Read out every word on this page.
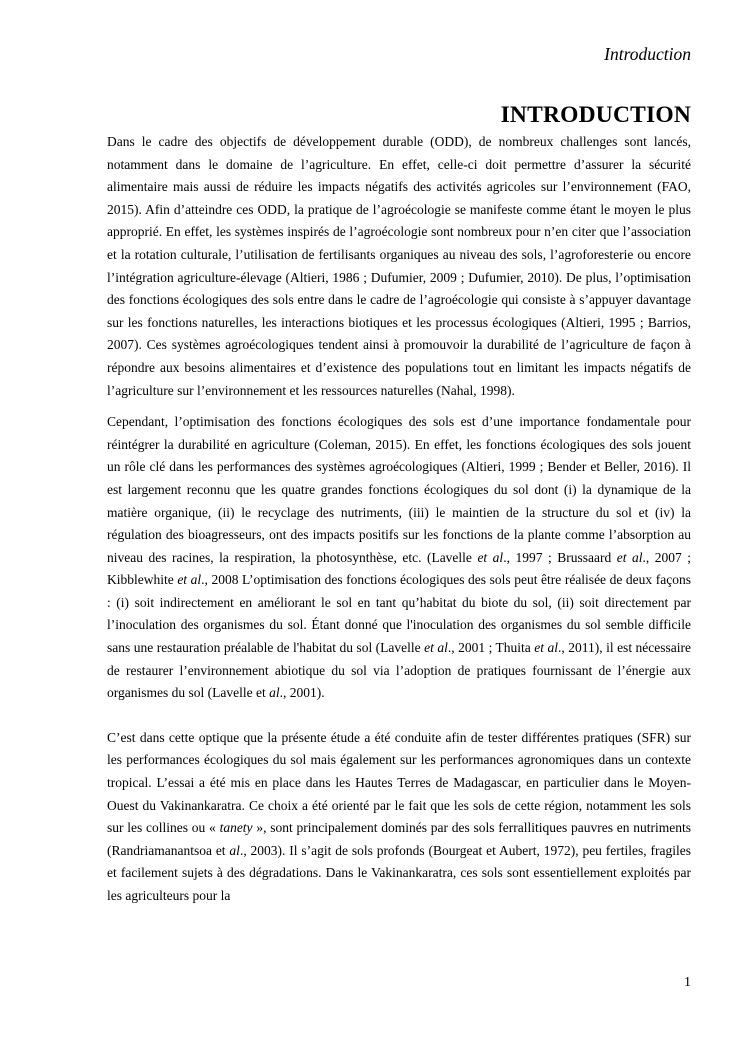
Introduction
INTRODUCTION

Dans le cadre des objectifs de développement durable (ODD), de nombreux challenges sont lancés, notamment dans le domaine de l’agriculture. En effet, celle-ci doit permettre d’assurer la sécurité alimentaire mais aussi de réduire les impacts négatifs des activités agricoles sur l’environnement (FAO, 2015). Afin d’atteindre ces ODD, la pratique de l’agroécologie se manifeste comme étant le moyen le plus approprié. En effet, les systèmes inspirés de l’agroécologie sont nombreux pour n’en citer que l’association et la rotation culturale, l’utilisation de fertilisants organiques au niveau des sols, l’agroforesterie ou encore l’intégration agriculture-élevage (Altieri, 1986 ; Dufumier, 2009 ; Dufumier, 2010). De plus, l’optimisation des fonctions écologiques des sols entre dans le cadre de l’agroécologie qui consiste à s’appuyer davantage sur les fonctions naturelles, les interactions biotiques et les processus écologiques (Altieri, 1995 ; Barrios, 2007). Ces systèmes agroécologiques tendent ainsi à promouvoir la durabilité de l’agriculture de façon à répondre aux besoins alimentaires et d’existence des populations tout en limitant les impacts négatifs de l’agriculture sur l’environnement et les ressources naturelles (Nahal, 1998).

Cependant, l’optimisation des fonctions écologiques des sols est d’une importance fondamentale pour réintégrer la durabilité en agriculture (Coleman, 2015). En effet, les fonctions écologiques des sols jouent un rôle clé dans les performances des systèmes agroécologiques (Altieri, 1999 ; Bender et Beller, 2016). Il est largement reconnu que les quatre grandes fonctions écologiques du sol dont (i) la dynamique de la matière organique, (ii) le recyclage des nutriments, (iii) le maintien de la structure du sol et (iv) la régulation des bioagresseurs, ont des impacts positifs sur les fonctions de la plante comme l’absorption au niveau des racines, la respiration, la photosynthèse, etc. (Lavelle et al., 1997 ; Brussaard et al., 2007 ; Kibblewhite et al., 2008 L’optimisation des fonctions écologiques des sols peut être réalisée de deux façons : (i) soit indirectement en améliorant le sol en tant qu’habitat du biote du sol, (ii) soit directement par l’inoculation des organismes du sol. Étant donné que l'inoculation des organismes du sol semble difficile sans une restauration préalable de l'habitat du sol (Lavelle et al., 2001 ; Thuita et al., 2011), il est nécessaire de restaurer l’environnement abiotique du sol via l’adoption de pratiques fournissant de l’énergie aux organismes du sol (Lavelle et al., 2001).

C’est dans cette optique que la présente étude a été conduite afin de tester différentes pratiques (SFR) sur les performances écologiques du sol mais également sur les performances agronomiques dans un contexte tropical. L’essai a été mis en place dans les Hautes Terres de Madagascar, en particulier dans le Moyen-Ouest du Vakinankaratra. Ce choix a été orienté par le fait que les sols de cette région, notamment les sols sur les collines ou « tanety », sont principalement dominés par des sols ferrallitiques pauvres en nutriments (Randriamanantsoa et al., 2003). Il s’agit de sols profonds (Bourgeat et Aubert, 1972), peu fertiles, fragiles et facilement sujets à des dégradations. Dans le Vakinankaratra, ces sols sont essentiellement exploités par les agriculteurs pour la

1
